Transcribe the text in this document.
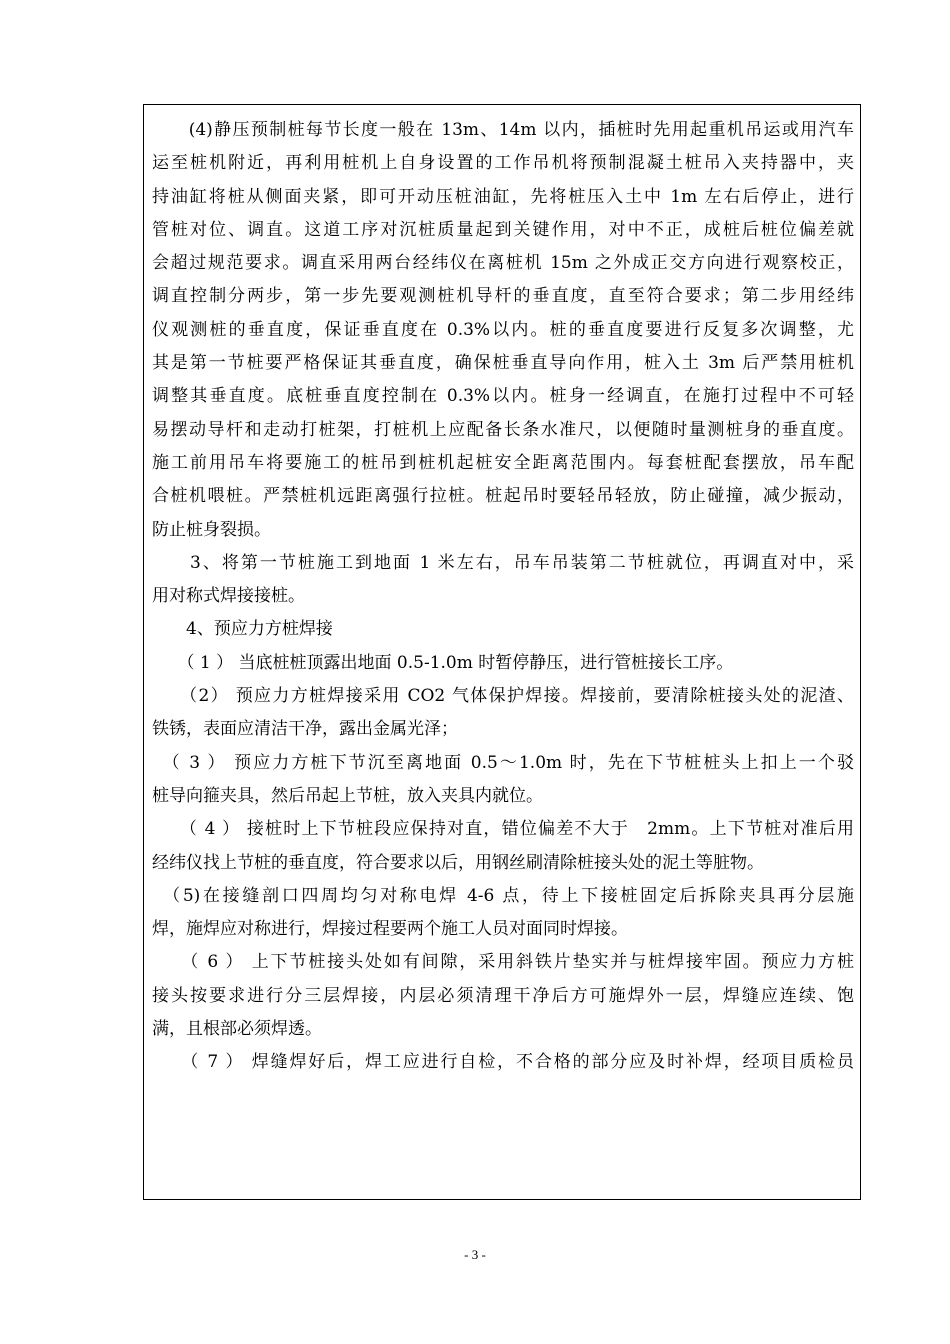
　　(4)静压预制桩每节长度一般在 13m、14m 以内，插桩时先用起重机吊运或用汽车
运至桩机附近，再利用桩机上自身设置的工作吊机将预制混凝土桩吊入夹持器中，夹
持油缸将桩从侧面夹紧，即可开动压桩油缸，先将桩压入土中 1m 左右后停止，进行
管桩对位、调直。这道工序对沉桩质量起到关键作用，对中不正，成桩后桩位偏差就
会超过规范要求。调直采用两台经纬仪在离桩机 15m 之外成正交方向进行观察校正，
调直控制分两步，第一步先要观测桩机导杆的垂直度，直至符合要求；第二步用经纬
仪观测桩的垂直度，保证垂直度在 0.3%以内。桩的垂直度要进行反复多次调整，尤
其是第一节桩要严格保证其垂直度，确保桩垂直导向作用，桩入土 3m 后严禁用桩机
调整其垂直度。底桩垂直度控制在 0.3%以内。桩身一经调直，在施打过程中不可轻
易摆动导杆和走动打桩架，打桩机上应配备长条水准尺，以便随时量测桩身的垂直度。
施工前用吊车将要施工的桩吊到桩机起桩安全距离范围内。每套桩配套摆放，吊车配
合桩机喂桩。严禁桩机远距离强行拉桩。桩起吊时要轻吊轻放，防止碰撞，减少振动，
防止桩身裂损。
　　3、将第一节桩施工到地面 1 米左右，吊车吊装第二节桩就位，再调直对中，采
用对称式焊接接桩。
　　4、预应力方桩焊接
　　（ 1 ） 当底桩桩顶露出地面 0.5-1.0m 时暂停静压，进行管桩接长工序。
　　（2） 预应力方桩焊接采用 CO2 气体保护焊接。焊接前，要清除桩接头处的泥渣、
铁锈，表面应清洁干净，露出金属光泽；
　（ 3 ） 预应力方桩下节沉至离地面 0.5～1.0m 时，先在下节桩桩头上扣上一个驳
桩导向箍夹具，然后吊起上节桩，放入夹具内就位。
　　（ 4 ） 接桩时上下节桩段应保持对直，错位偏差不大于　2mm。上下节桩对准后用
经纬仪找上节桩的垂直度，符合要求以后，用钢丝刷清除桩接头处的泥土等脏物。
　（5)在接缝剖口四周均匀对称电焊 4-6 点，待上下接桩固定后拆除夹具再分层施
焊，施焊应对称进行，焊接过程要两个施工人员对面同时焊接。
　　（ 6 ） 上下节桩接头处如有间隙，采用斜铁片垫实并与桩焊接牢固。预应力方桩
接头按要求进行分三层焊接，内层必须清理干净后方可施焊外一层，焊缝应连续、饱
满，且根部必须焊透。
　　（ 7 ） 焊缝焊好后，焊工应进行自检，不合格的部分应及时补焊，经项目质检员
- 3 -
